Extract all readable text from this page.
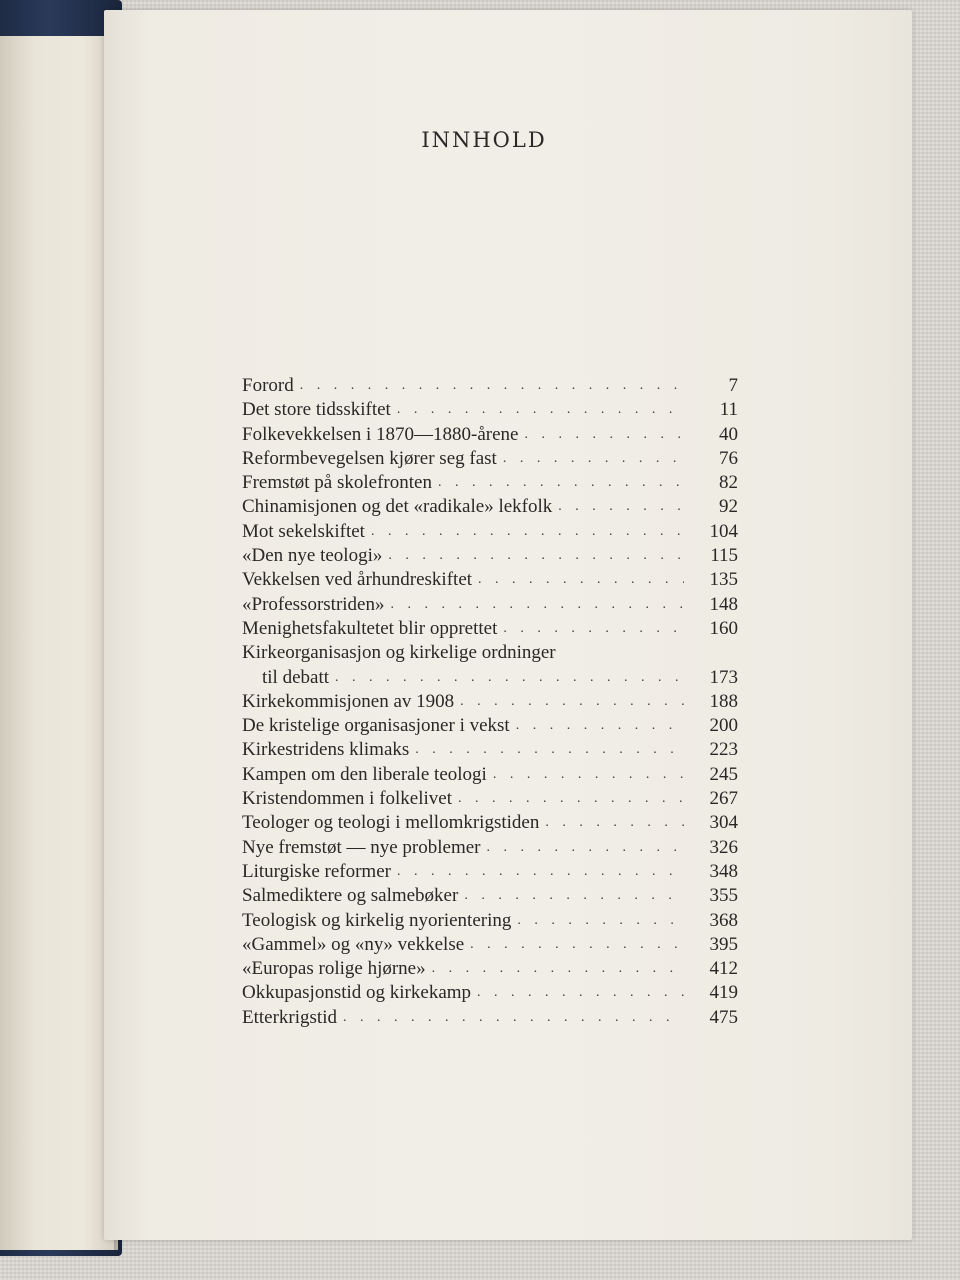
INNHOLD
Forord . . .	7
Det store tidsskiftet . . .	11
Folkevekkelsen i 1870—1880-årene . . .	40
Reformbevegelsen kjører seg fast . . .	76
Fremstøt på skolefronten . . .	82
Chinamisjonen og det «radikale» lekfolk . . .	92
Mot sekelskiftet . . .	104
«Den nye teologi» . . .	115
Vekkelsen ved århundreskiftet . . .	135
«Professorstriden» . . .	148
Menighetsfakultetet blir opprettet . . .	160
Kirkeorganisasjon og kirkelige ordninger
til debatt . . .	173
Kirkekommisjonen av 1908 . . .	188
De kristelige organisasjoner i vekst . . .	200
Kirkestridens klimaks . . .	223
Kampen om den liberale teologi . . .	245
Kristendommen i folkelivet . . .	267
Teologer og teologi i mellomkrigstiden . . .	304
Nye fremstøt — nye problemer . . .	326
Liturgiske reformer . . .	348
Salmediktere og salmebøker . . .	355
Teologisk og kirkelig nyorientering . . .	368
«Gammel» og «ny» vekkelse . . .	395
«Europas rolige hjørne» . . .	412
Okkupasjonstid og kirkekamp . . .	419
Etterkrigstid . . .	475
